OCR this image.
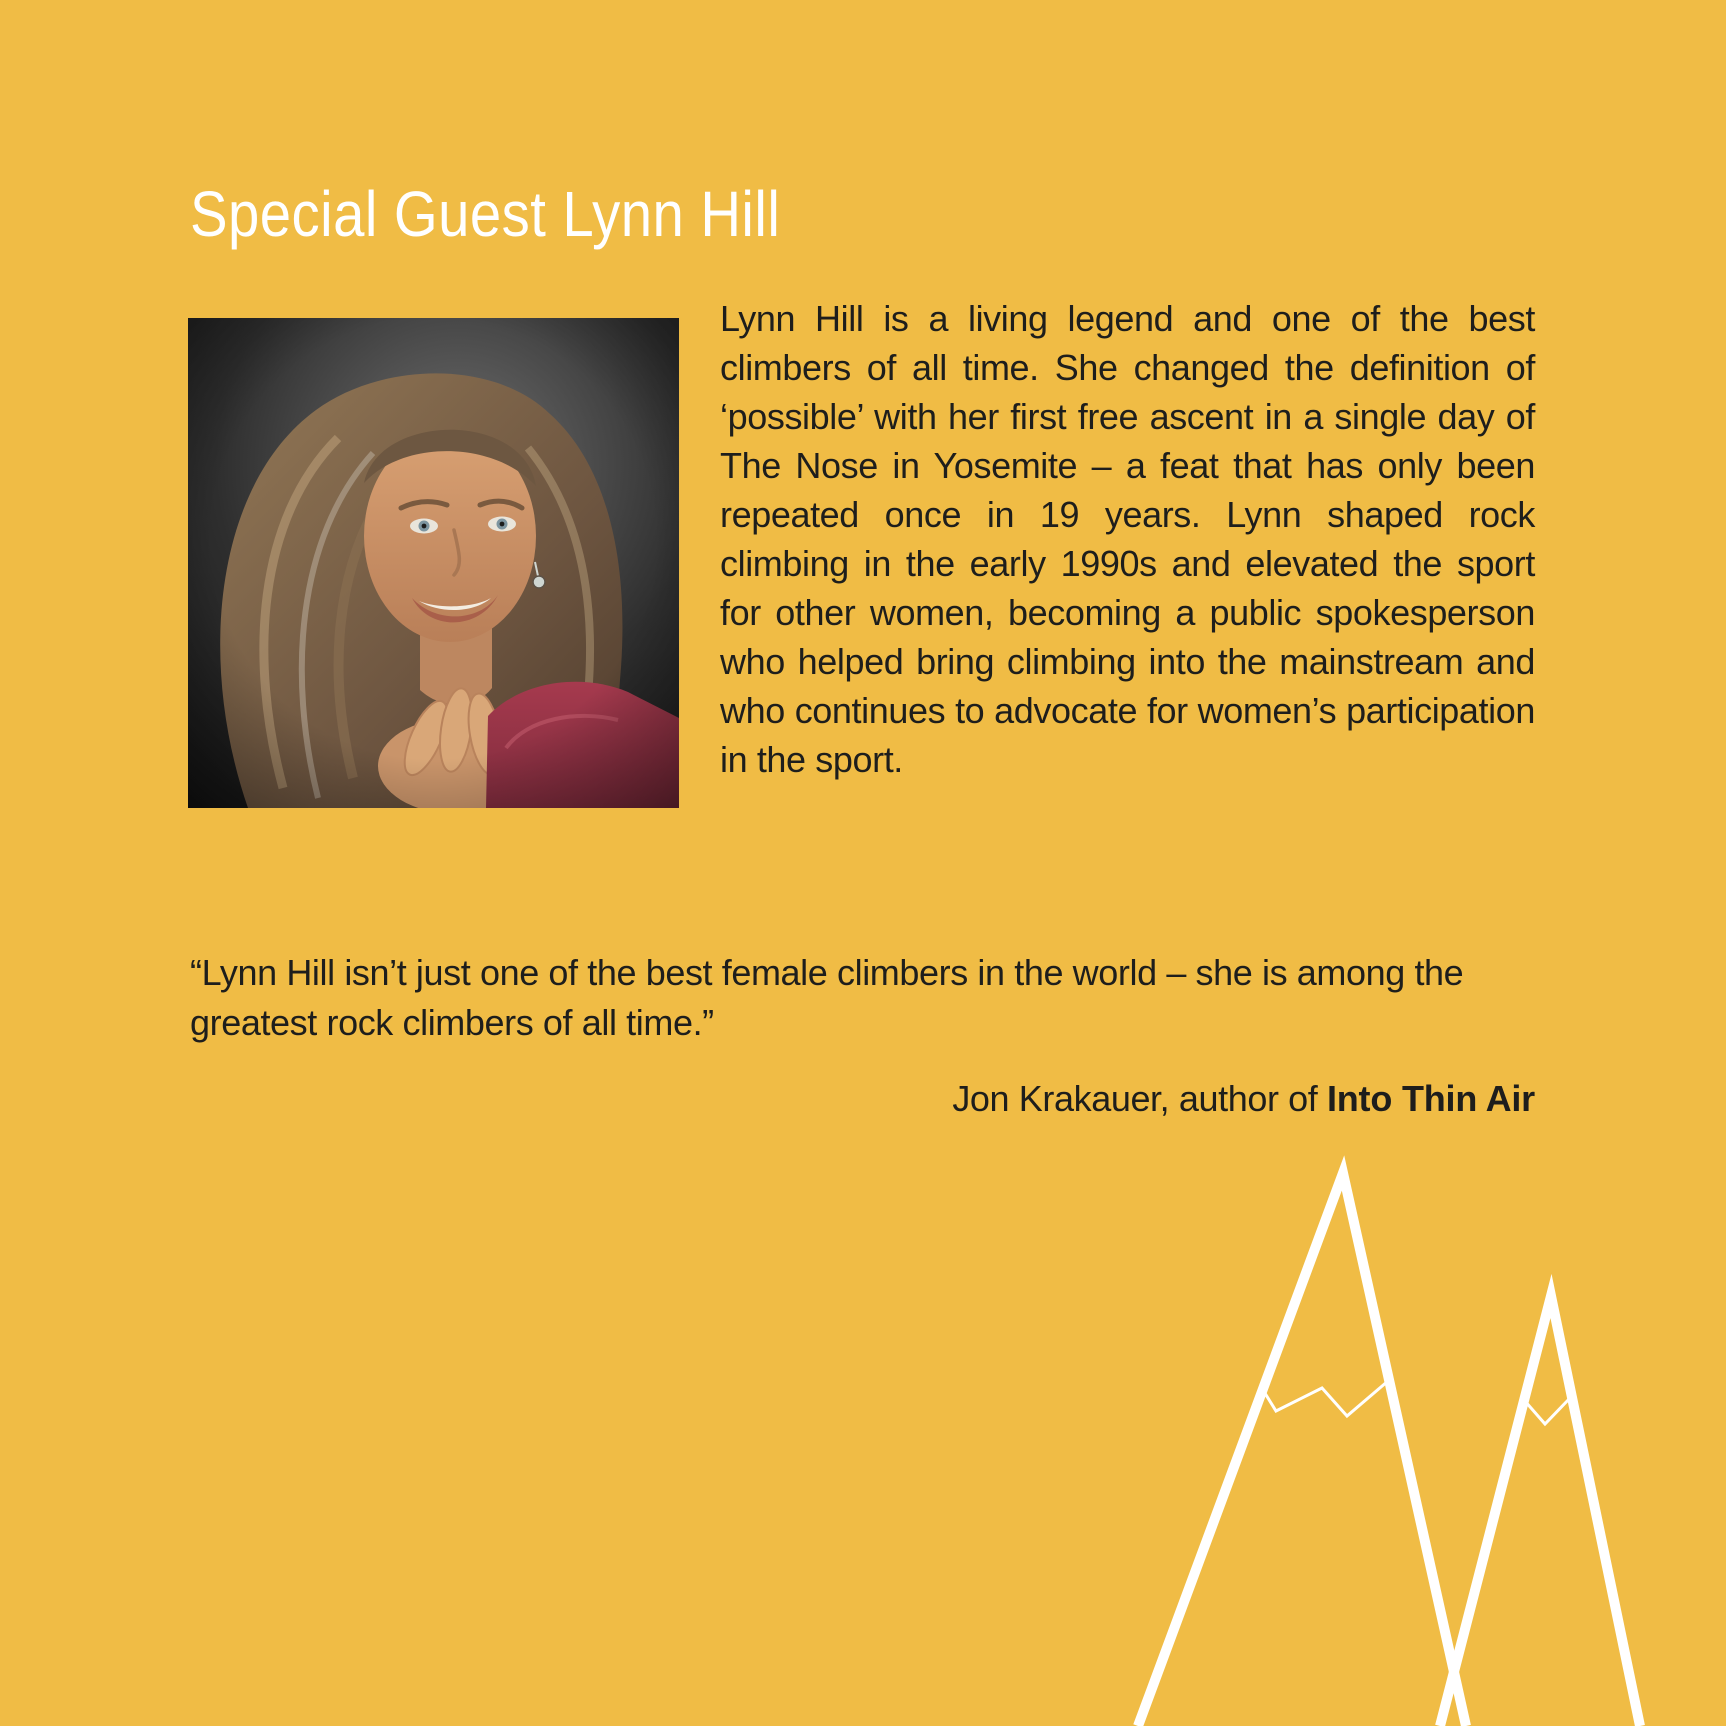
Special Guest Lynn Hill

Lynn Hill is a living legend and one of the best climbers of all time. She changed the definition of ‘possible’ with her first free ascent in a single day of The Nose in Yosemite – a feat that has only been repeated once in 19 years. Lynn shaped rock climbing in the early 1990s and elevated the sport for other women, becoming a public spokesperson who helped bring climbing into the mainstream and who continues to advocate for women’s participation in the sport.

“Lynn Hill isn’t just one of the best female climbers in the world – she is among the greatest rock climbers of all time.”

Jon Krakauer, author of Into Thin Air
